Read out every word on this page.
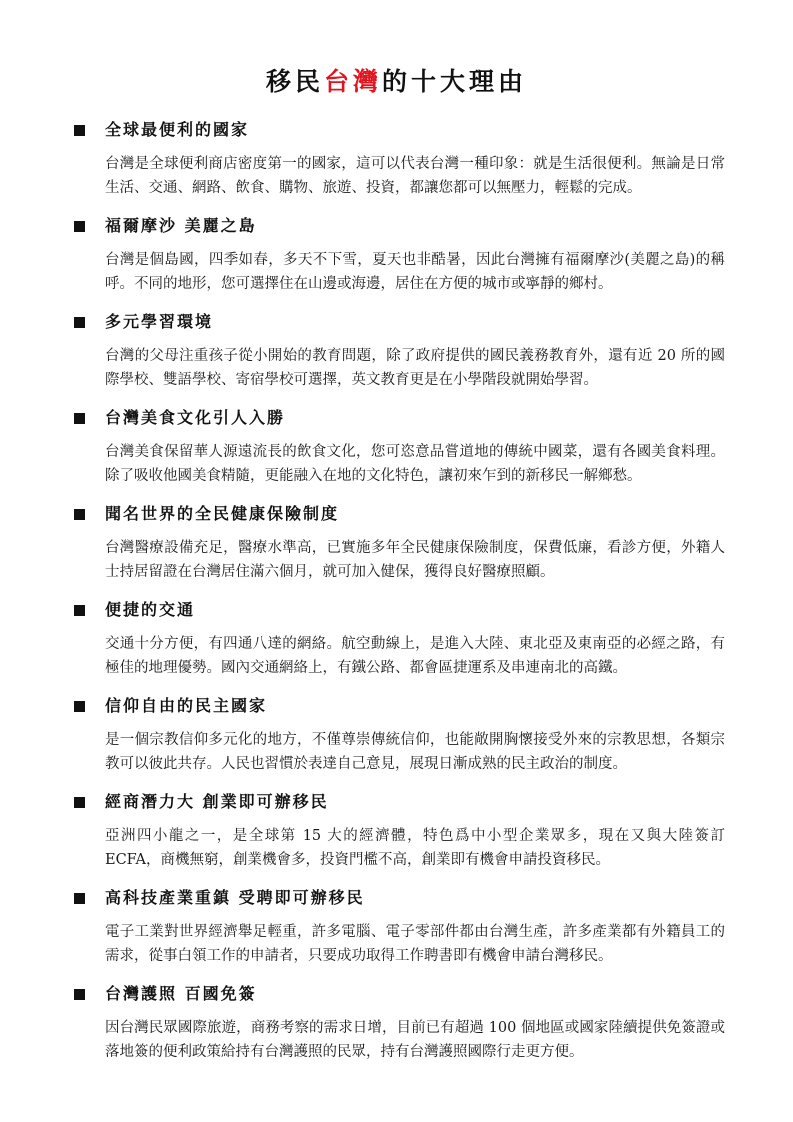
移民台灣的十大理由
全球最便利的國家
台灣是全球便利商店密度第一的國家，這可以代表台灣一種印象：就是生活很便利。無論是日常生活、交通、網路、飲食、購物、旅遊、投資，都讓您都可以無壓力，輕鬆的完成。
福爾摩沙 美麗之島
台灣是個島國，四季如春，多天不下雪，夏天也非酷暑，因此台灣擁有福爾摩沙(美麗之島)的稱呼。不同的地形，您可選擇住在山邊或海邊，居住在方便的城市或寧靜的鄉村。
多元學習環境
台灣的父母注重孩子從小開始的教育問題，除了政府提供的國民義務教育外，還有近 20 所的國際學校、雙語學校、寄宿學校可選擇，英文教育更是在小學階段就開始學習。
台灣美食文化引人入勝
台灣美食保留華人源遠流長的飲食文化，您可恣意品嘗道地的傳統中國菜，還有各國美食料理。除了吸收他國美食精隨，更能融入在地的文化特色，讓初來乍到的新移民一解鄉愁。
聞名世界的全民健康保險制度
台灣醫療設備充足，醫療水準高，已實施多年全民健康保險制度，保費低廉，看診方便，外籍人士持居留證在台灣居住滿六個月，就可加入健保，獲得良好醫療照顧。
便捷的交通
交通十分方便，有四通八達的網絡。航空動線上，是進入大陸、東北亞及東南亞的必經之路，有極佳的地理優勢。國內交通網絡上，有鐵公路、都會區捷運系及串連南北的高鐵。
信仰自由的民主國家
是一個宗教信仰多元化的地方，不僅尊崇傳統信仰，也能敞開胸懷接受外來的宗教思想，各類宗教可以彼此共存。人民也習慣於表達自己意見，展現日漸成熟的民主政治的制度。
經商潛力大 創業即可辦移民
亞洲四小龍之一，是全球第 15 大的經濟體，特色爲中小型企業眾多，現在又與大陸簽訂 ECFA，商機無窮，創業機會多，投資門檻不高，創業即有機會申請投資移民。
高科技產業重鎮 受聘即可辦移民
電子工業對世界經濟舉足輕重，許多電腦、電子零部件都由台灣生產，許多產業都有外籍員工的需求，從事白領工作的申請者，只要成功取得工作聘書即有機會申請台灣移民。
台灣護照 百國免簽
因台灣民眾國際旅遊，商務考察的需求日增，目前已有超過 100 個地區或國家陸續提供免簽證或落地簽的便利政策給持有台灣護照的民眾，持有台灣護照國際行走更方便。
